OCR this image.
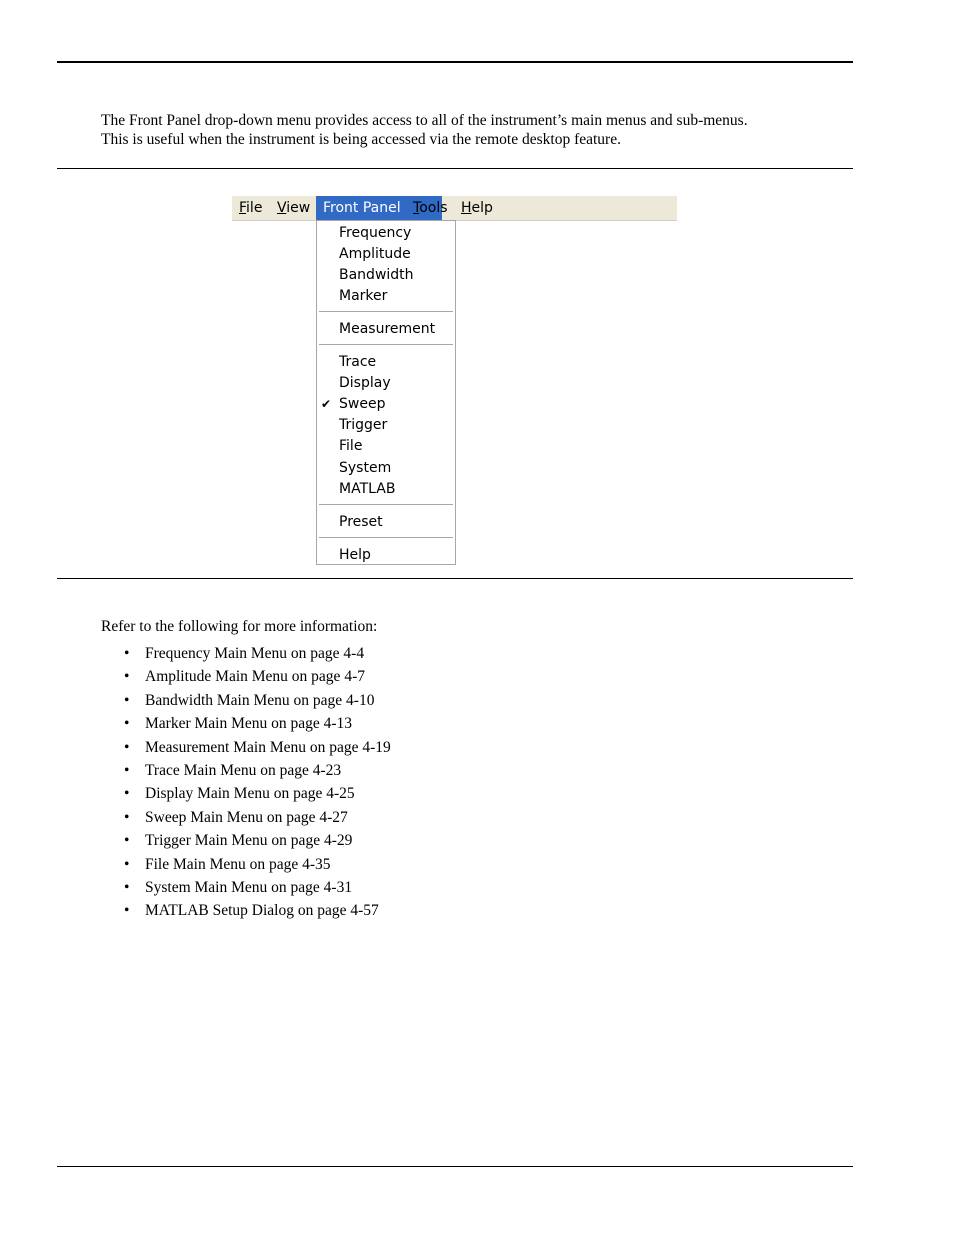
The Front Panel drop-down menu provides access to all of the instrument’s main menus and sub-menus.

This is useful when the instrument is being accessed via the remote desktop feature.

File	View Front Panel Tools Help
Frequency
Amplitude
Bandwidth
Marker
Measurement
Trace
Display
✔ Sweep
Trigger
File
System
MATLAB
Preset
Help
Refer to the following for more information:
• Frequency Main Menu on page 4-4
• Amplitude Main Menu on page 4-7
• Bandwidth Main Menu on page 4-10
• Marker Main Menu on page 4-13
• Measurement Main Menu on page 4-19
• Trace Main Menu on page 4-23
• Display Main Menu on page 4-25
• Sweep Main Menu on page 4-27
• Trigger Main Menu on page 4-29
• File Main Menu on page 4-35
• System Main Menu on page 4-31
• MATLAB Setup Dialog on page 4-57
